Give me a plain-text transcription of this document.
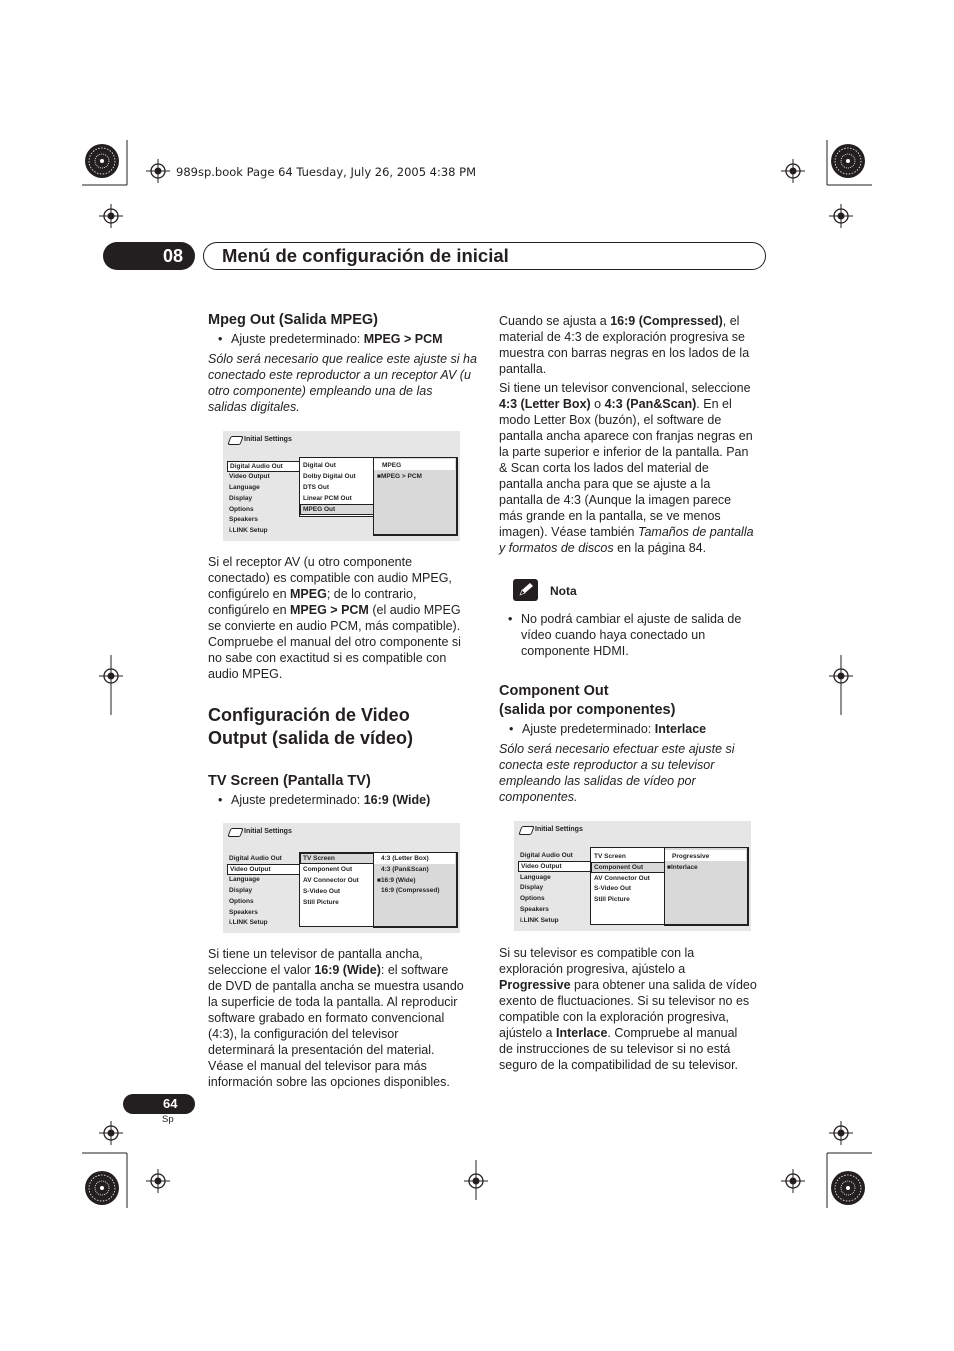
989sp.book Page 64 Tuesday, July 26, 2005 4:38 PM
08 Menú de configuración de inicial
Mpeg Out (Salida MPEG)
• Ajuste predeterminado: MPEG > PCM
Sólo será necesario que realice este ajuste si ha
conectado este reproductor a un receptor AV (u
otro componente) empleando una de las
salidas digitales.
Initial Settings
Digital Audio Out
Video Output
Language
Display
Options
Speakers
i.LINK Setup
Digital Out
Dolby Digital Out
DTS Out
Linear PCM Out
MPEG Out
MPEG
■MPEG > PCM
Si el receptor AV (u otro componente
conectado) es compatible con audio MPEG,
configúrelo en MPEG; de lo contrario,
configúrelo en MPEG > PCM (el audio MPEG
se convierte en audio PCM, más compatible).
Compruebe el manual del otro componente si
no sabe con exactitud si es compatible con
audio MPEG.
Configuración de Video
Output (salida de vídeo)
TV Screen (Pantalla TV)
• Ajuste predeterminado: 16:9 (Wide)
Initial Settings
Digital Audio Out
Video Output
Language
Display
Options
Speakers
i.LINK Setup
TV Screen
Component Out
AV Connector Out
S-Video Out
Still Picture
4:3 (Letter Box)
4:3 (Pan&Scan)
■16:9 (Wide)
16:9 (Compressed)
Si tiene un televisor de pantalla ancha,
seleccione el valor 16:9 (Wide): el software
de DVD de pantalla ancha se muestra usando
la superficie de toda la pantalla. Al reproducir
software grabado en formato convencional
(4:3), la configuración del televisor
determinará la presentación del material.
Véase el manual del televisor para más
información sobre las opciones disponibles.
Cuando se ajusta a 16:9 (Compressed), el
material de 4:3 de exploración progresiva se
muestra con barras negras en los lados de la
pantalla.
Si tiene un televisor convencional, seleccione
4:3 (Letter Box) o 4:3 (Pan&Scan). En el
modo Letter Box (buzón), el software de
pantalla ancha aparece con franjas negras en
la parte superior e inferior de la pantalla. Pan
& Scan corta los lados del material de
pantalla ancha para que se ajuste a la
pantalla de 4:3 (Aunque la imagen parece
más grande en la pantalla, se ve menos
imagen). Véase también Tamaños de pantalla
y formatos de discos en la página 84.
Nota
• No podrá cambiar el ajuste de salida de
vídeo cuando haya conectado un
componente HDMI.
Component Out
(salida por componentes)
• Ajuste predeterminado: Interlace
Sólo será necesario efectuar este ajuste si
conecta este reproductor a su televisor
empleando las salidas de vídeo por
componentes.
Initial Settings
Digital Audio Out
Video Output
Language
Display
Options
Speakers
i.LINK Setup
TV Screen
Component Out
AV Connector Out
S-Video Out
Still Picture
Progressive
■Interlace
Si su televisor es compatible con la
exploración progresiva, ajústelo a
Progressive para obtener una salida de vídeo
exento de fluctuaciones. Si su televisor no es
compatible con la exploración progresiva,
ajústelo a Interlace. Compruebe al manual
de instrucciones de su televisor si no está
seguro de la compatibilidad de su televisor.
64
Sp
